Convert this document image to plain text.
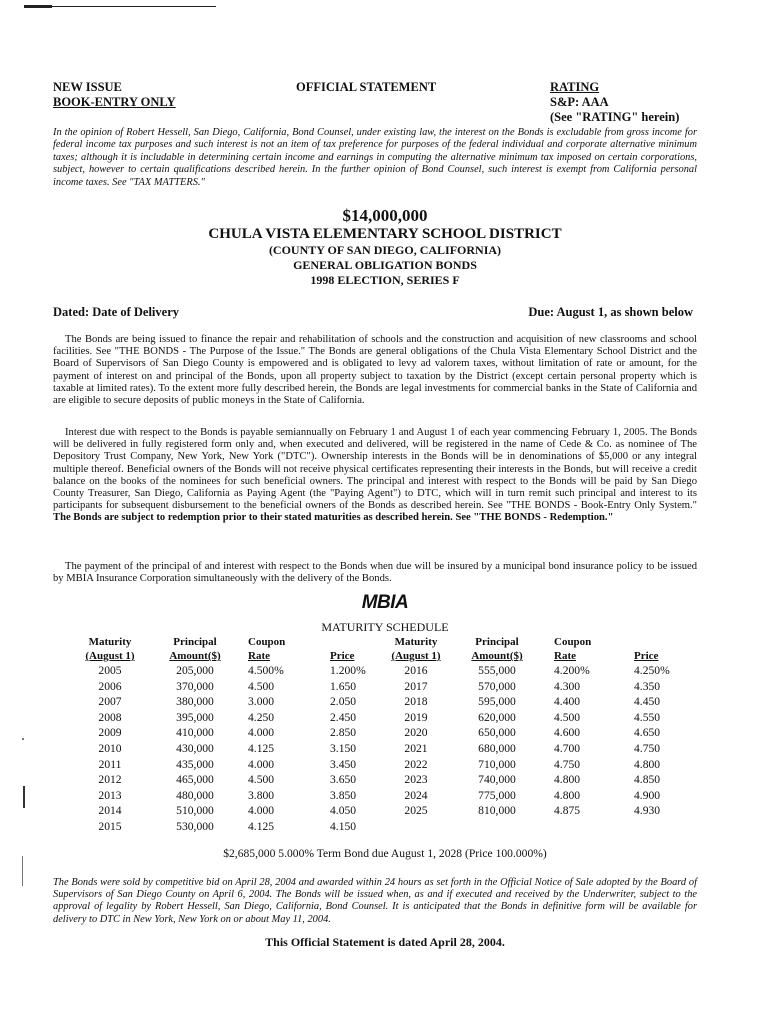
NEW ISSUE
BOOK-ENTRY ONLY
OFFICIAL STATEMENT	RATING
S&P: AAA
(See "RATING" herein)
In the opinion of Robert Hessell, San Diego, California, Bond Counsel, under existing law, the interest on the Bonds is excludable from gross income for federal income tax purposes and such interest is not an item of tax preference for purposes of the federal individual and corporate alternative minimum taxes; although it is includable in determining certain income and earnings in computing the alternative minimum tax imposed on certain corporations, subject, however to certain qualifications described herein. In the further opinion of Bond Counsel, such interest is exempt from California personal income taxes. See "TAX MATTERS."
$14,000,000
CHULA VISTA ELEMENTARY SCHOOL DISTRICT
(COUNTY OF SAN DIEGO, CALIFORNIA)
GENERAL OBLIGATION BONDS
1998 ELECTION, SERIES F
Dated: Date of Delivery	Due: August 1, as shown below

The Bonds are being issued to finance the repair and rehabilitation of schools and the construction and acquisition of new classrooms and school facilities. See "THE BONDS - The Purpose of the Issue." The Bonds are general obligations of the Chula Vista Elementary School District and the Board of Supervisors of San Diego County is empowered and is obligated to levy ad valorem taxes, without limitation of rate or amount, for the payment of interest on and principal of the Bonds, upon all property subject to taxation by the District (except certain personal property which is taxable at limited rates). To the extent more fully described herein, the Bonds are legal investments for commercial banks in the State of California and are eligible to secure deposits of public moneys in the State of California.

Interest due with respect to the Bonds is payable semiannually on February 1 and August 1 of each year commencing February 1, 2005. The Bonds will be delivered in fully registered form only and, when executed and delivered, will be registered in the name of Cede & Co. as nominee of The Depository Trust Company, New York, New York ("DTC"). Ownership interests in the Bonds will be in denominations of $5,000 or any integral multiple thereof. Beneficial owners of the Bonds will not receive physical certificates representing their interests in the Bonds, but will receive a credit balance on the books of the nominees for such beneficial owners. The principal and interest with respect to the Bonds will be paid by San Diego County Treasurer, San Diego, California as Paying Agent (the "Paying Agent") to DTC, which will in turn remit such principal and interest to its participants for subsequent disbursement to the beneficial owners of the Bonds as described herein. See "THE BONDS - Book-Entry Only System." The Bonds are subject to redemption prior to their stated maturities as described herein. See "THE BONDS - Redemption."

The payment of the principal of and interest with respect to the Bonds when due will be insured by a municipal bond insurance policy to be issued by MBIA Insurance Corporation simultaneously with the delivery of the Bonds.

MBIA
MATURITY SCHEDULE
Maturity
(August 1)
2005
2006
2007
2008
2009
2010
2011
2012
2013
2014
2015
Principal
Amount($)
205,000
370,000
380,000
395,000
410,000
430,000
435,000
465,000
480,000
510,000
530,000
Coupon
Rate
4.500%
4.500
3.000
4.250
4.000
4.125
4.000
4.500
3.800
4.000
4.125

Price
1.200%
1.650
2.050
2.450
2.850
3.150
3.450
3.650
3.850
4.050
4.150
Maturity
(August 1)
2016
2017
2018
2019
2020
2021
2022
2023
2024
2025
Principal
Amount($)
555,000
570,000
595,000
620,000
650,000
680,000
710,000
740,000
775,000
810,000
Coupon
Rate
4.200%
4.300
4.400
4.500
4.600
4.700
4.750
4.800
4.800
4.875

Price
4.250%
4.350
4.450
4.550
4.650
4.750
4.800
4.850
4.900
4.930
$2,685,000 5.000% Term Bond due August 1, 2028 (Price 100.000%)
The Bonds were sold by competitive bid on April 28, 2004 and awarded within 24 hours as set forth in the Official Notice of Sale adopted by the Board of Supervisors of San Diego County on April 6, 2004. The Bonds will be issued when, as and if executed and received by the Underwriter, subject to the approval of legality by Robert Hessell, San Diego, California, Bond Counsel. It is anticipated that the Bonds in definitive form will be available for delivery to DTC in New York, New York on or about May 11, 2004.
This Official Statement is dated April 28, 2004.
